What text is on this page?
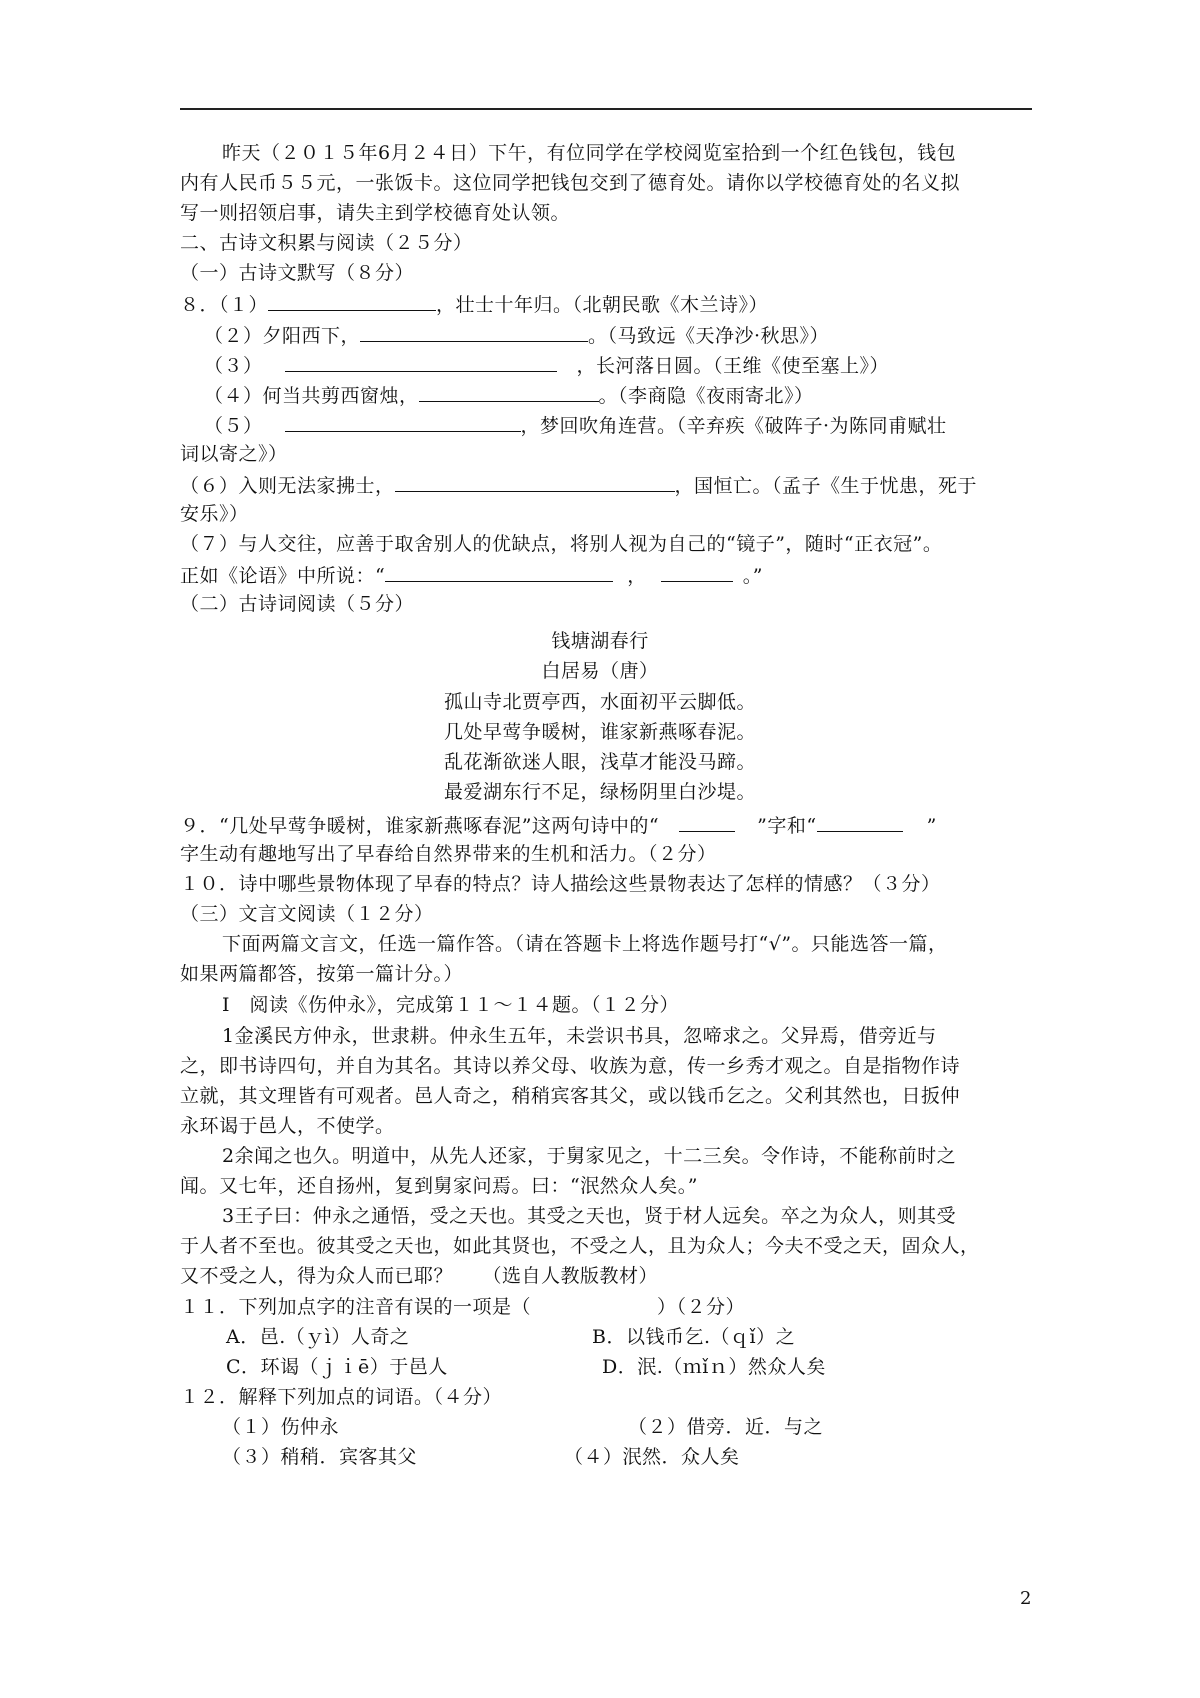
昨天（２０１５年6月２４日）下午，有位同学在学校阅览室拾到一个红色钱包，钱包
内有人民币５５元，一张饭卡。这位同学把钱包交到了德育处。请你以学校德育处的名义拟
写一则招领启事，请失主到学校德育处认领。
二、古诗文积累与阅读（２５分）
（一）古诗文默写（８分）
８．（１）	，壮士十年归。（北朝民歌《木兰诗》）
（２）夕阳西下，	。（马致远《天净沙·秋思》）
（３）	，长河落日圆。（王维《使至塞上》）
（４）何当共剪西窗烛，	。（李商隐《夜雨寄北》）
（５）	，梦回吹角连营。（辛弃疾《破阵子·为陈同甫赋壮
词以寄之》）
（６）入则无法家拂士，	，国恒亡。（孟子《生于忧患，死于
安乐》）
（７）与人交往，应善于取舍别人的优缺点，将别人视为自己的“镜子”，随时“正衣冠”。
正如《论语》中所说：“	，	。”
（二）古诗词阅读（５分）
钱塘湖春行
白居易（唐）
孤山寺北贾亭西，水面初平云脚低。
几处早莺争暖树，谁家新燕啄春泥。
乱花渐欲迷人眼，浅草才能没马蹄。
最爱湖东行不足，绿杨阴里白沙堤。
９．“几处早莺争暖树，谁家新燕啄春泥”这两句诗中的“	”字和“	”
字生动有趣地写出了早春给自然界带来的生机和活力。（２分）
１０．诗中哪些景物体现了早春的特点？诗人描绘这些景物表达了怎样的情感？（３分）
（三）文言文阅读（１２分）
下面两篇文言文，任选一篇作答。（请在答题卡上将选作题号打“√”。只能选答一篇，
如果两篇都答，按第一篇计分。）
Ⅰ　阅读《伤仲永》，完成第１１～１４题。（１２分）
1金溪民方仲永，世隶耕。仲永生五年，未尝识书具，忽啼求之。父异焉，借旁近与
之，即书诗四句，并自为其名。其诗以养父母、收族为意，传一乡秀才观之。自是指物作诗
立就，其文理皆有可观者。邑人奇之，稍稍宾客其父，或以钱币乞之。父利其然也，日扳仲
永环谒于邑人，不使学。
2余闻之也久。明道中，从先人还家，于舅家见之，十二三矣。令作诗，不能称前时之
闻。又七年，还自扬州，复到舅家问焉。曰：“泯然众人矣。”
3王子曰：仲永之通悟，受之天也。其受之天也，贤于材人远矣。卒之为众人，则其受
于人者不至也。彼其受之天也，如此其贤也，不受之人，且为众人；今夫不受之天，固众人，
又不受之人，得为众人而已耶？　　（选自人教版教材）
１１．下列加点字的注音有误的一项是（	）（２分）
A．邑.（ｙì）人奇之	B．以钱币乞.（ｑǐ）之
C．环谒（ｊｉē）于邑人	D．泯.（ｍǐｎ）然众人矣
１２．解释下列加点的词语。（４分）
（１）伤仲永	（２）借旁．近．与之
（３）稍稍．宾客其父	（４）泯然．众人矣
2
